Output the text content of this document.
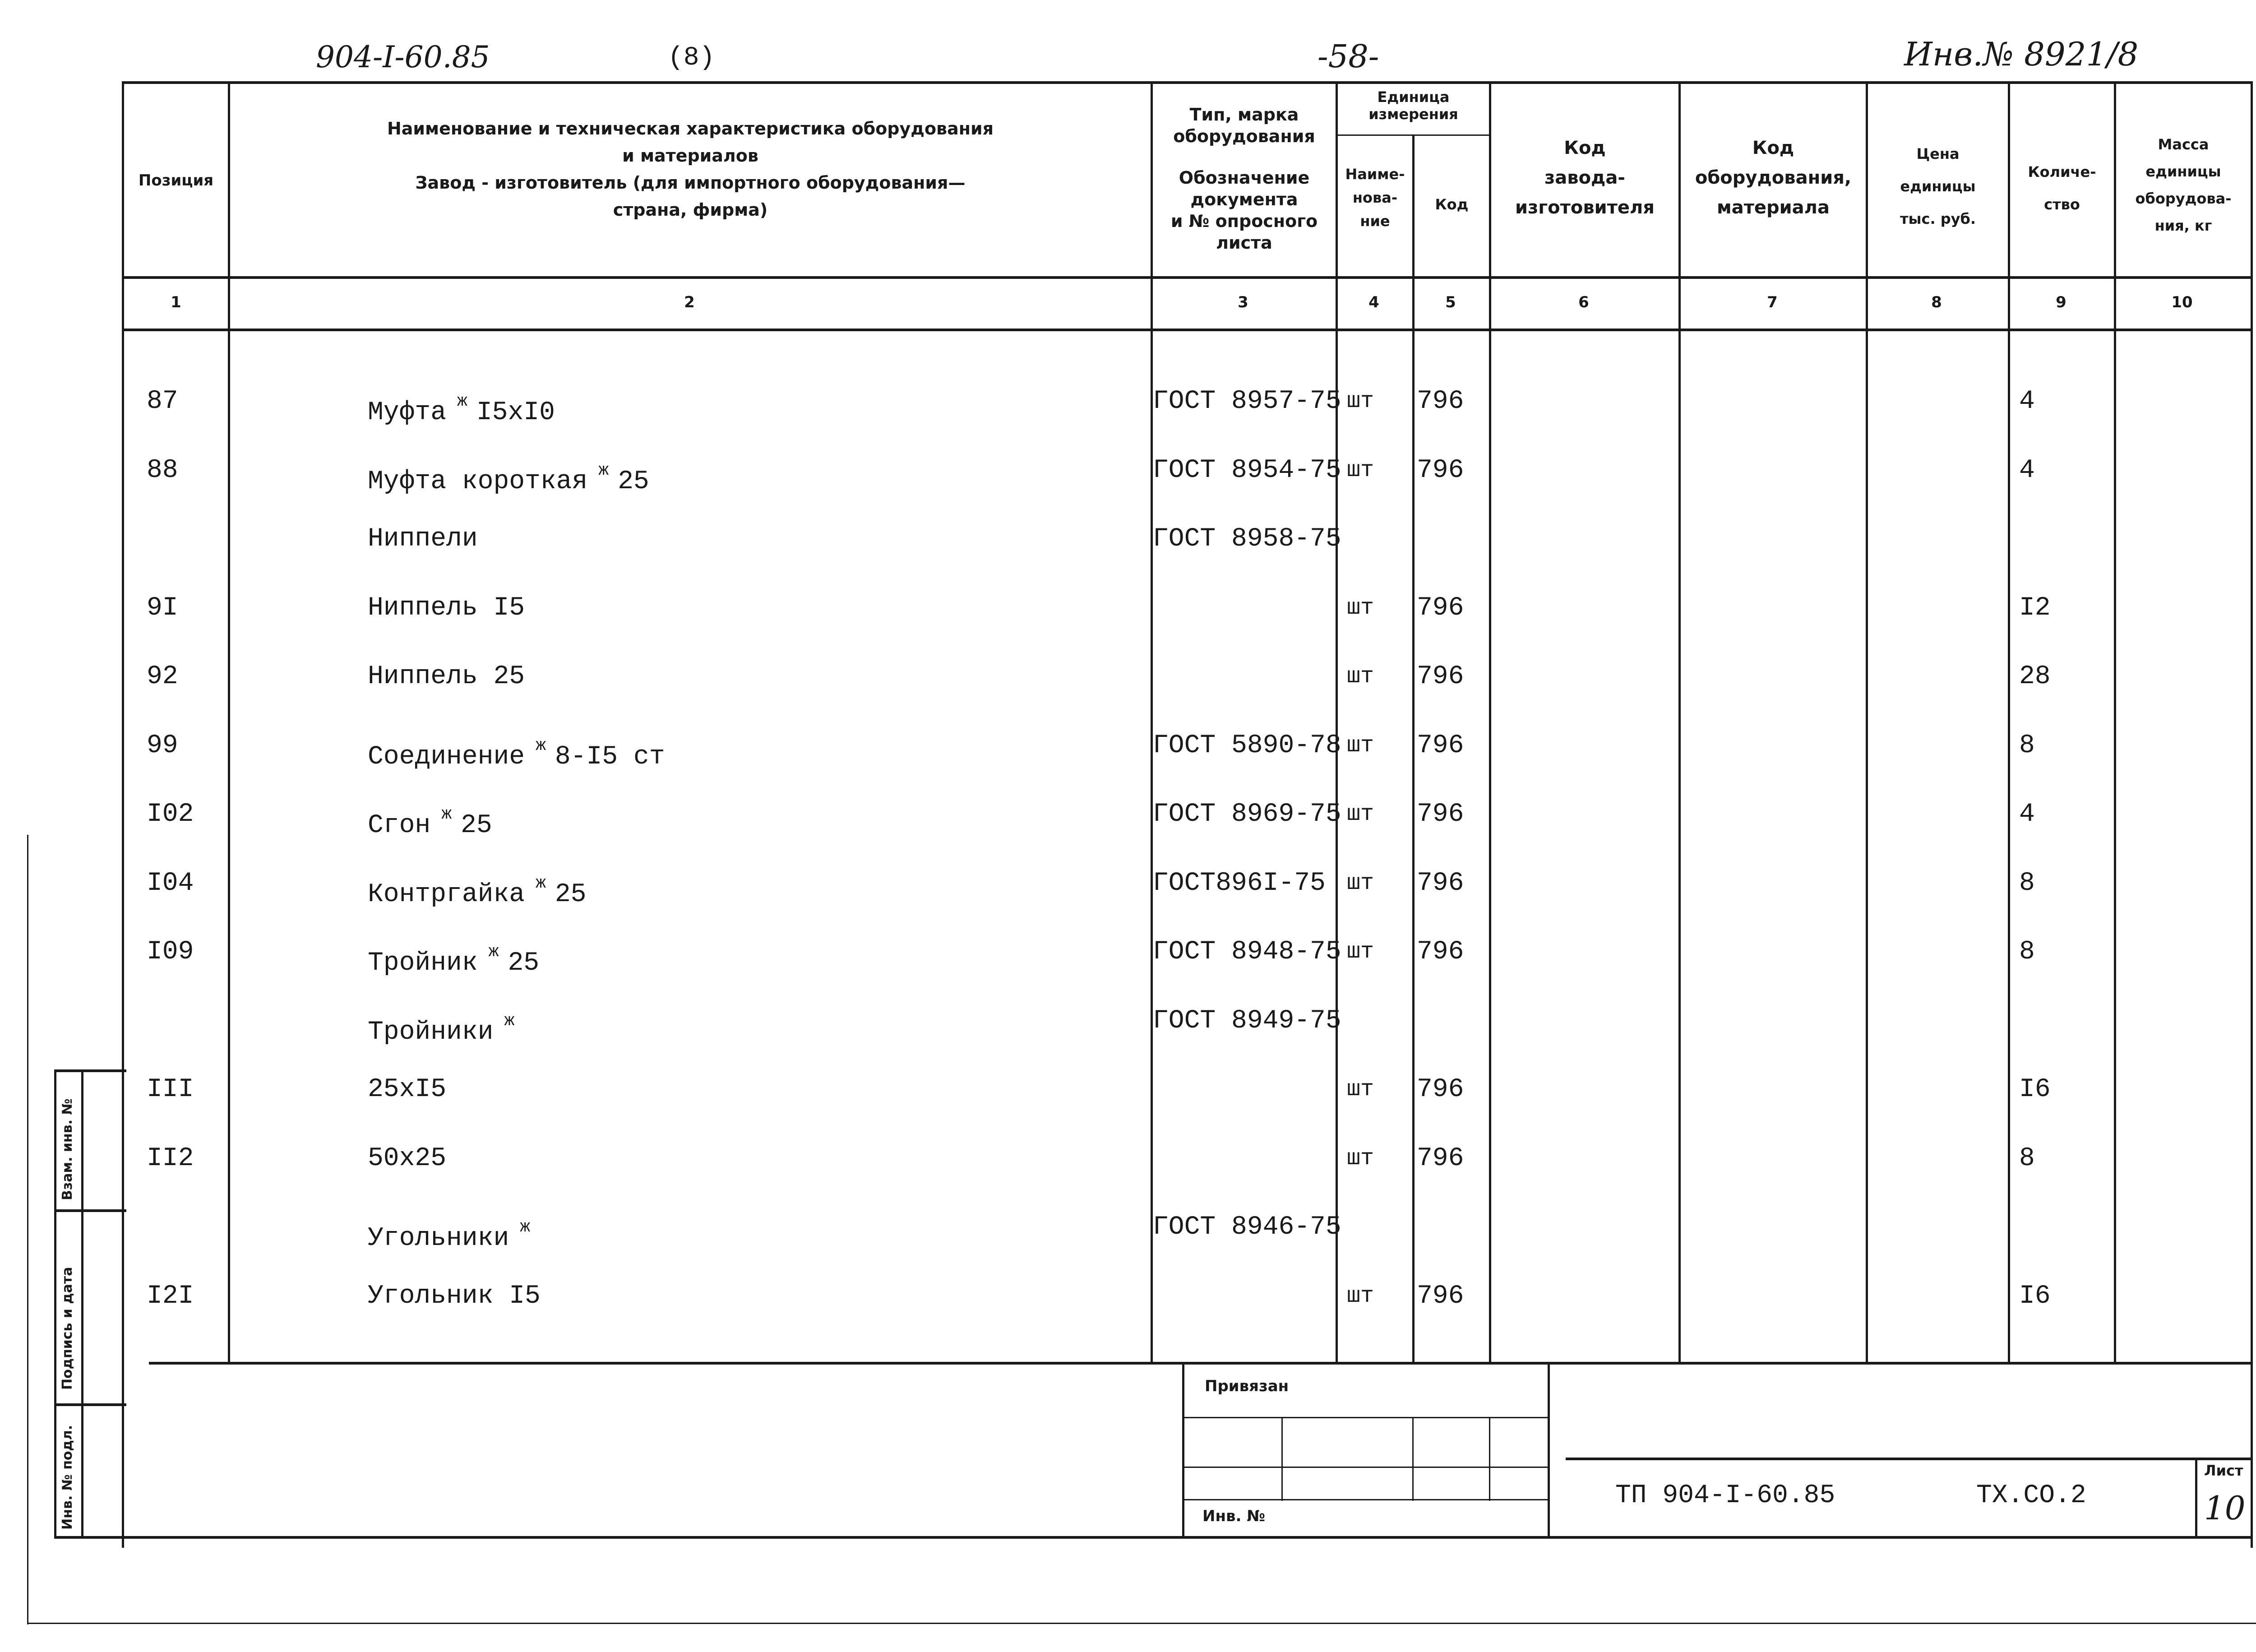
904-I-60.85	(8)	-58-	Инв.№ 8921/8
Позиция
Наименование и техническая характеристика оборудования
и материалов
Завод - изготовитель (для импортного оборудования—
страна, фирма)
Тип, марка
оборудования
Обозначение
документа
и № опросного
листа
Единица
измерения
Наиме-
нова-
ние
Код
Код
завода-
изготовителя
Код
оборудования,
материала
Цена
единицы
тыс. руб.
Количе-
ство
Масса
единицы
оборудова-
ния, кг
1	2	3	4	5	6	7	8	9	10
87	Муфта $^ж$ I5xI0	ГОСТ 8957-75 шт 796	4
88	Муфта короткая $^ж$ 25	ГОСТ 8954-75 шт 796	4
Ниппели	ГОСТ 8958-75
9I	Ниппель I5	шт 796	I2
92	Ниппель 25	шт 796	28
99	Соединение $^ж$ 8-I5 ст	ГОСТ 5890-78 шт 796	8
I02	Сгон $^ж$ 25	ГОСТ 8969-75 шт 796	4
I04	Контргайка $^ж$ 25	ГОСТ896I-75 шт 796	8
I09	Тройник $^ж$ 25	ГОСТ 8948-75 шт 796	8
Тройники $^ж$	ГОСТ 8949-75
III	25xI5	шт 796	I6
II2	50x25	шт 796	8
Угольники $^ж$	ГОСТ 8946-75
I2I	Угольник I5	шт 796	I6
Привязан
Инв. №
ТП 904-I-60.85	ТХ.СО.2
Лист
10
Инв. № подл.
Подпись и дата
Взам. инв. №
